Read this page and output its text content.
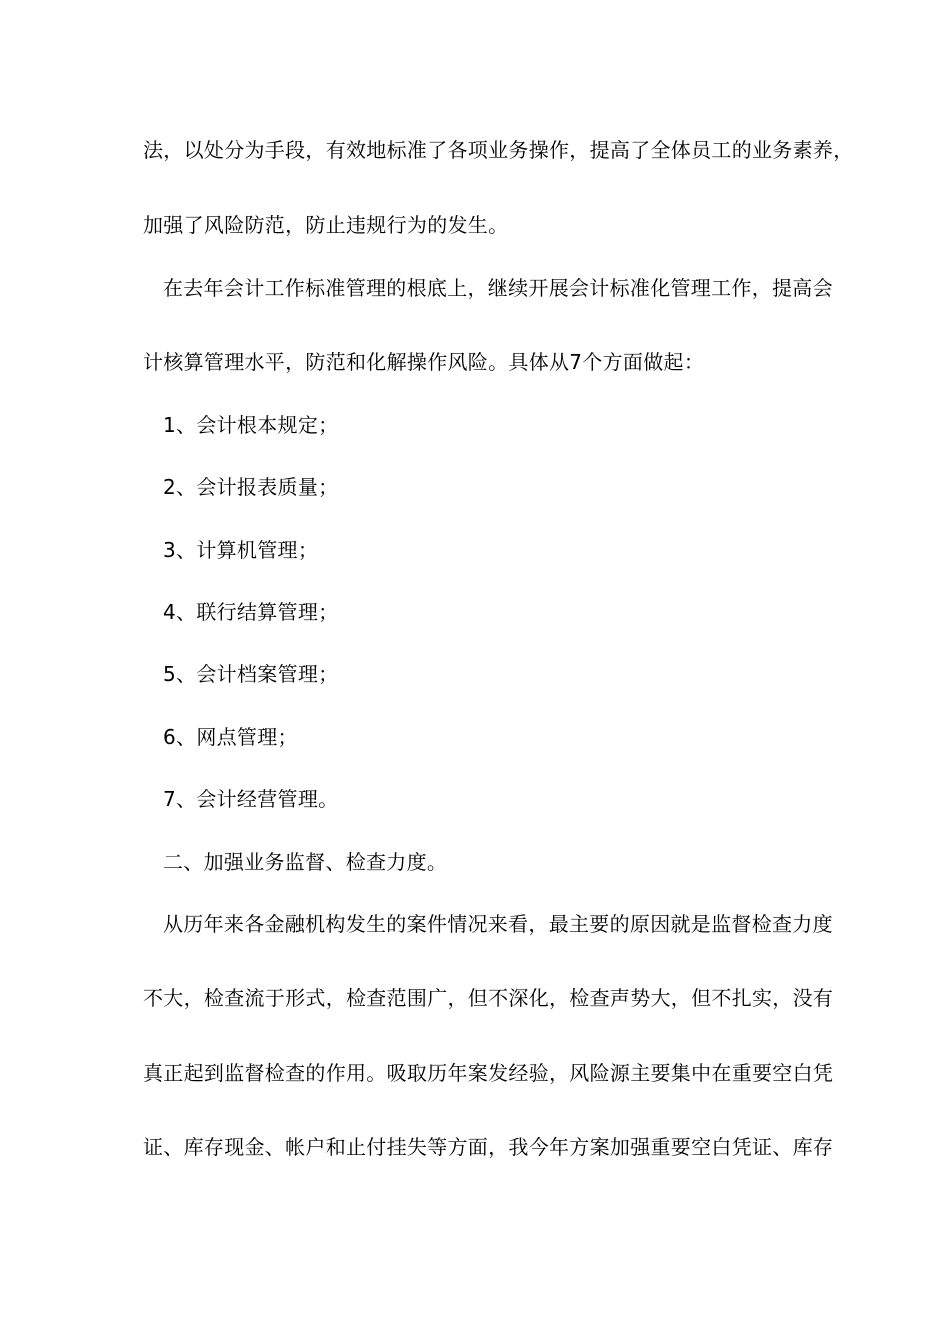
法，以处分为手段，有效地标准了各项业务操作，提高了全体员工的业务素养，
加强了风险防范，防止违规行为的发生。
在去年会计工作标准管理的根底上，继续开展会计标准化管理工作，提高会
计核算管理水平，防范和化解操作风险。具体从7个方面做起：
1、会计根本规定；
2、会计报表质量；
3、计算机管理；
4、联行结算管理；
5、会计档案管理；
6、网点管理；
7、会计经营管理。
二、加强业务监督、检查力度。
从历年来各金融机构发生的案件情况来看，最主要的原因就是监督检查力度
不大，检查流于形式，检查范围广，但不深化，检查声势大，但不扎实，没有
真正起到监督检查的作用。吸取历年案发经验，风险源主要集中在重要空白凭
证、库存现金、帐户和止付挂失等方面，我今年方案加强重要空白凭证、库存
